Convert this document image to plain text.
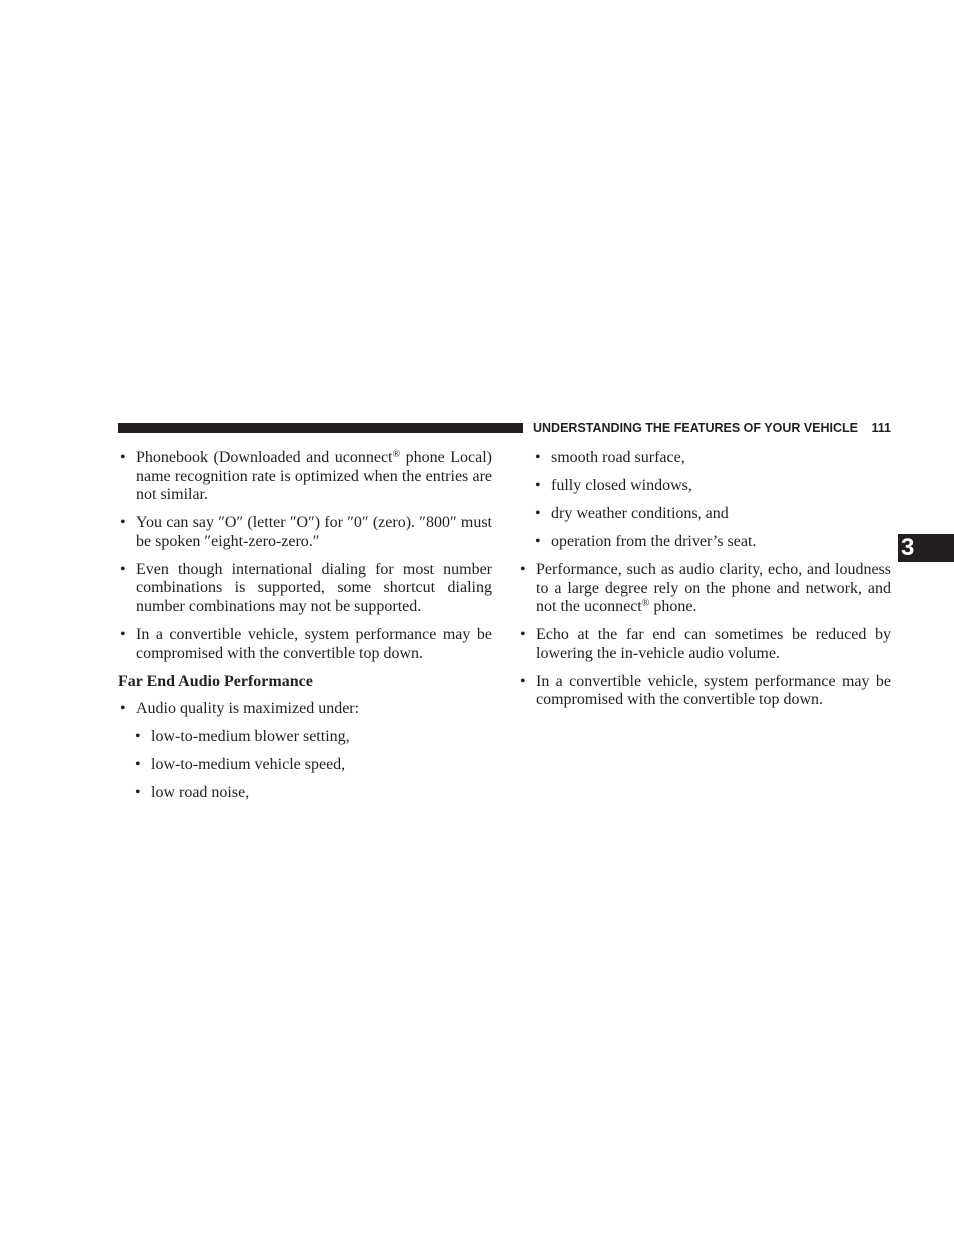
UNDERSTANDING THE FEATURES OF YOUR VEHICLE 111
3
• Phonebook (Downloaded and uconnect® phone Local) name recognition rate is optimized when the entries are not similar.
• You can say ″O″ (letter ″O″) for ″0″ (zero). ″800″ must be spoken ″eight-zero-zero.″
• Even though international dialing for most number combinations is supported, some shortcut dialing number combinations may not be supported.
• In a convertible vehicle, system performance may be compromised with the convertible top down.
Far End Audio Performance
• Audio quality is maximized under:
• low-to-medium blower setting,
• low-to-medium vehicle speed,
• low road noise,
• smooth road surface,
• fully closed windows,
• dry weather conditions, and
• operation from the driver’s seat.
• Performance, such as audio clarity, echo, and loudness to a large degree rely on the phone and network, and not the uconnect® phone.
• Echo at the far end can sometimes be reduced by lowering the in-vehicle audio volume.
• In a convertible vehicle, system performance may be compromised with the convertible top down.
